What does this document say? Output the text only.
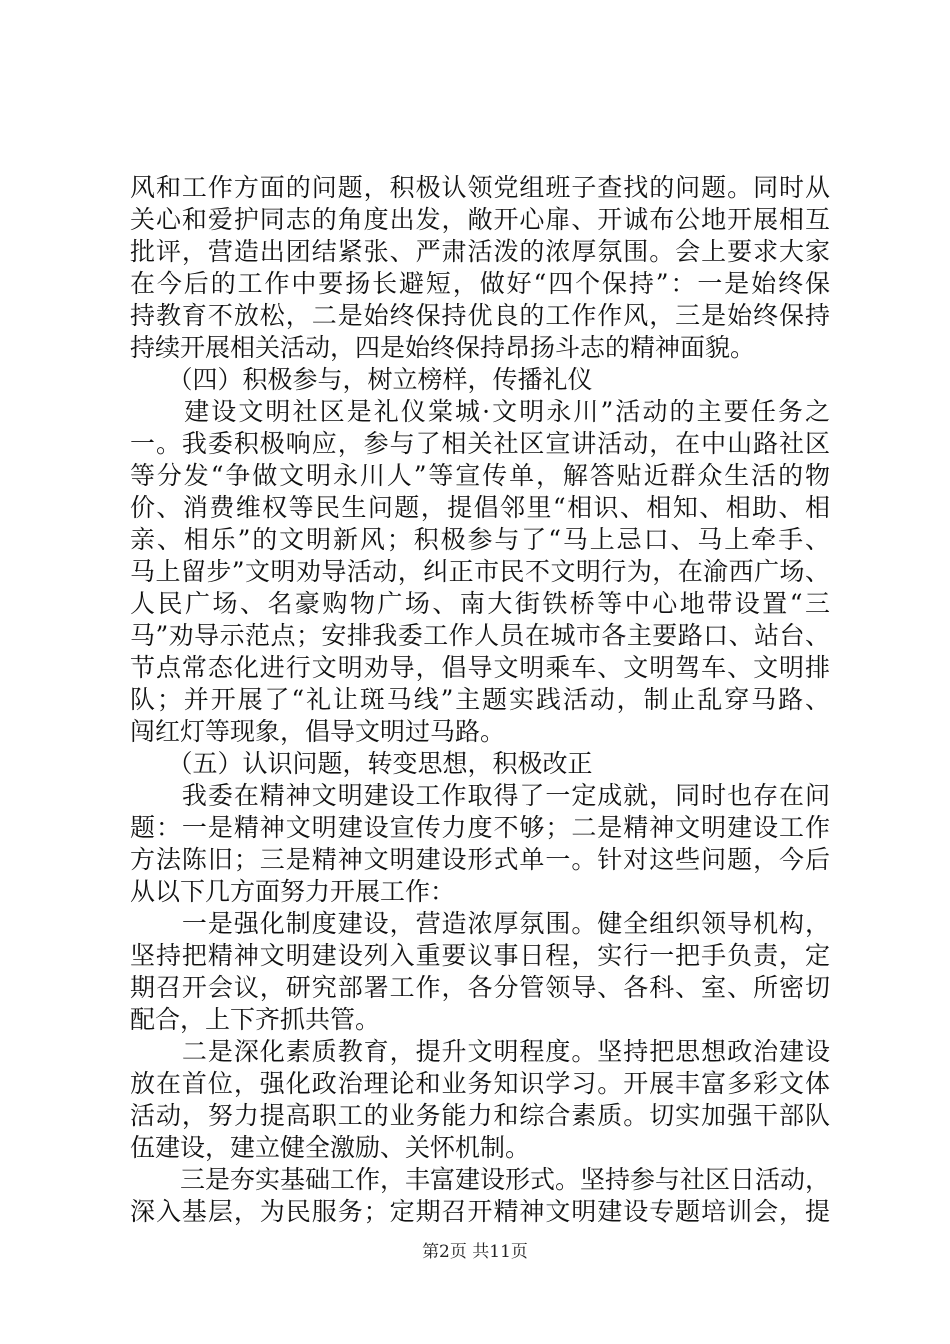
风和工作方面的问题，积极认领党组班子查找的问题。同时从
关心和爱护同志的角度出发，敞开心扉、开诚布公地开展相互
批评，营造出团结紧张、严肃活泼的浓厚氛围。会上要求大家
在今后的工作中要扬长避短，做好“四个保持”：一是始终保
持教育不放松，二是始终保持优良的工作作风，三是始终保持
持续开展相关活动，四是始终保持昂扬斗志的精神面貌。
　　（四）积极参与，树立榜样，传播礼仪
　　建设文明社区是礼仪棠城·文明永川”活动的主要任务之
一。我委积极响应，参与了相关社区宣讲活动，在中山路社区
等分发“争做文明永川人”等宣传单，解答贴近群众生活的物
价、消费维权等民生问题，提倡邻里“相识、相知、相助、相
亲、相乐”的文明新风；积极参与了“马上忌口、马上牵手、
马上留步”文明劝导活动，纠正市民不文明行为，在渝西广场、
人民广场、名豪购物广场、南大街铁桥等中心地带设置“三
马”劝导示范点；安排我委工作人员在城市各主要路口、站台、
节点常态化进行文明劝导，倡导文明乘车、文明驾车、文明排
队；并开展了“礼让斑马线”主题实践活动，制止乱穿马路、
闯红灯等现象，倡导文明过马路。
　　（五）认识问题，转变思想，积极改正
　　我委在精神文明建设工作取得了一定成就，同时也存在问
题：一是精神文明建设宣传力度不够；二是精神文明建设工作
方法陈旧；三是精神文明建设形式单一。针对这些问题，今后
从以下几方面努力开展工作：
　　一是强化制度建设，营造浓厚氛围。健全组织领导机构，
坚持把精神文明建设列入重要议事日程，实行一把手负责，定
期召开会议，研究部署工作，各分管领导、各科、室、所密切
配合，上下齐抓共管。
　　二是深化素质教育，提升文明程度。坚持把思想政治建设
放在首位，强化政治理论和业务知识学习。开展丰富多彩文体
活动，努力提高职工的业务能力和综合素质。切实加强干部队
伍建设，建立健全激励、关怀机制。
　　三是夯实基础工作，丰富建设形式。坚持参与社区日活动，
深入基层，为民服务；定期召开精神文明建设专题培训会，提
第2页 共11页
